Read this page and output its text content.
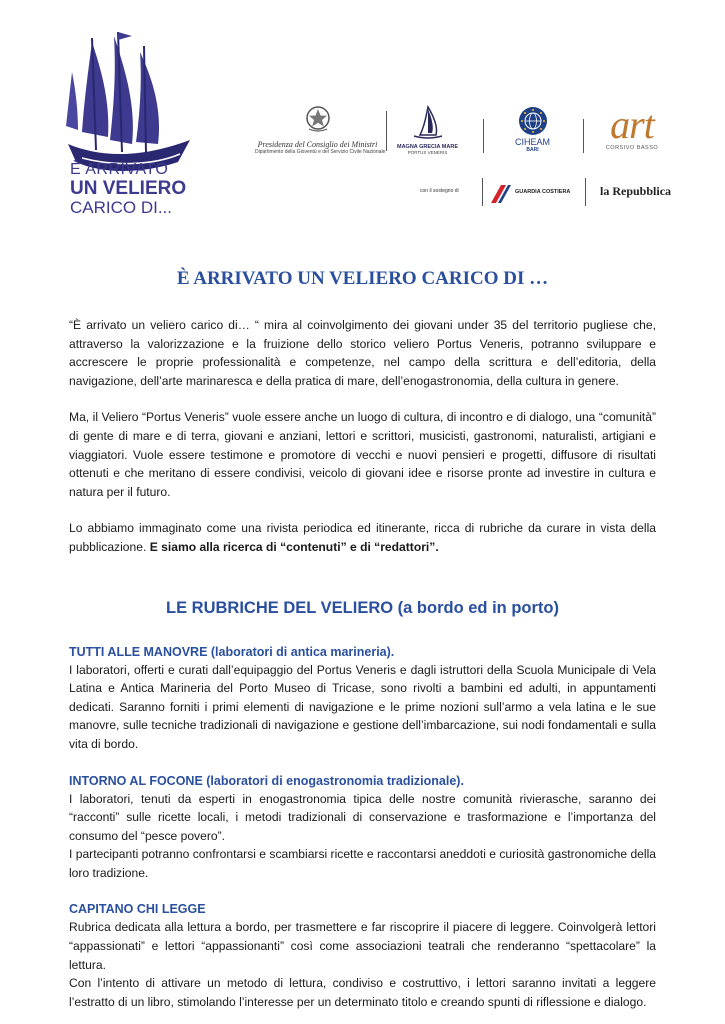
È ARRIVATO
UN VELIERO
CARICO DI...
Presidenza del Consiglio dei Ministri
Dipartimento della Gioventù e del Servizio Civile Nazionale
MAGNA GRECIA MARE
PORTUS VENERIS
CIHEAM
BARI
art
CORSIVO BASSO
con il sostegno di	GUARDIA COSTIERA la Repubblica
È ARRIVATO UN VELIERO CARICO DI …

“È arrivato un veliero carico di… “ mira al coinvolgimento dei giovani under 35 del territorio pugliese che, attraverso la valorizzazione e la fruizione dello storico veliero Portus Veneris, potranno sviluppare e accrescere le proprie professionalità e competenze, nel campo della scrittura e dell’editoria, della navigazione, dell’arte marinaresca e della pratica di mare, dell’enogastronomia, della cultura in genere.

Ma, il Veliero “Portus Veneris” vuole essere anche un luogo di cultura, di incontro e di dialogo, una “comunità” di gente di mare e di terra, giovani e anziani, lettori e scrittori, musicisti, gastronomi, naturalisti, artigiani e viaggiatori. Vuole essere testimone e promotore di vecchi e nuovi pensieri e progetti, diffusore di risultati ottenuti e che meritano di essere condivisi, veicolo di giovani idee e risorse pronte ad investire in cultura e natura per il futuro.

Lo abbiamo immaginato come una rivista periodica ed itinerante, ricca di rubriche da curare in vista della pubblicazione. E siamo alla ricerca di “contenuti” e di “redattori”.

LE RUBRICHE DEL VELIERO (a bordo ed in porto)
TUTTI ALLE MANOVRE (laboratori di antica marineria).

I laboratori, offerti e curati dall’equipaggio del Portus Veneris e dagli istruttori della Scuola Municipale di Vela Latina e Antica Marineria del Porto Museo di Tricase, sono rivolti a bambini ed adulti, in appuntamenti dedicati. Saranno forniti i primi elementi di navigazione e le prime nozioni sull’armo a vela latina e le sue manovre, sulle tecniche tradizionali di navigazione e gestione dell’imbarcazione, sui nodi fondamentali e sulla vita di bordo.

INTORNO AL FOCONE (laboratori di enogastronomia tradizionale).

I laboratori, tenuti da esperti in enogastronomia tipica delle nostre comunità rivierasche, saranno dei “racconti” sulle ricette locali, i metodi tradizionali di conservazione e trasformazione e l’importanza del consumo del “pesce povero”.

I partecipanti potranno confrontarsi e scambiarsi ricette e raccontarsi aneddoti e curiosità gastronomiche della loro tradizione.

CAPITANO CHI LEGGE

Rubrica dedicata alla lettura a bordo, per trasmettere e far riscoprire il piacere di leggere. Coinvolgerà lettori “appassionati” e lettori “appassionanti” così come associazioni teatrali che renderanno “spettacolare” la lettura.

Con l’intento di attivare un metodo di lettura, condiviso e costruttivo, i lettori saranno invitati a leggere l’estratto di un libro, stimolando l’interesse per un determinato titolo e creando spunti di riflessione e dialogo.
